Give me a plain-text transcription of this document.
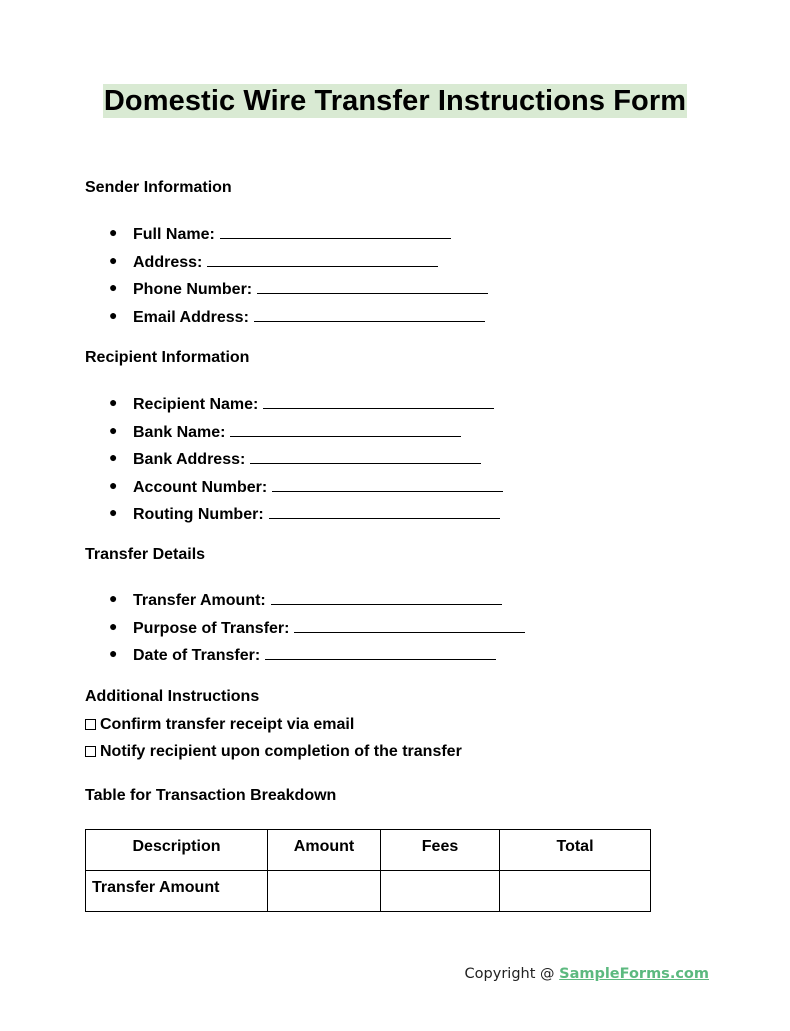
Domestic Wire Transfer Instructions Form
Sender Information
● Full Name:
● Address:
● Phone Number:
● Email Address:
Recipient Information
● Recipient Name:
● Bank Name:
● Bank Address:
● Account Number:
● Routing Number:
Transfer Details
● Transfer Amount:
● Purpose of Transfer:
● Date of Transfer:
Additional Instructions
Confirm transfer receipt via email
Notify recipient upon completion of the transfer
Table for Transaction Breakdown
Description	Amount	Fees	Total
Transfer Amount			
Copyright @ SampleForms.com
